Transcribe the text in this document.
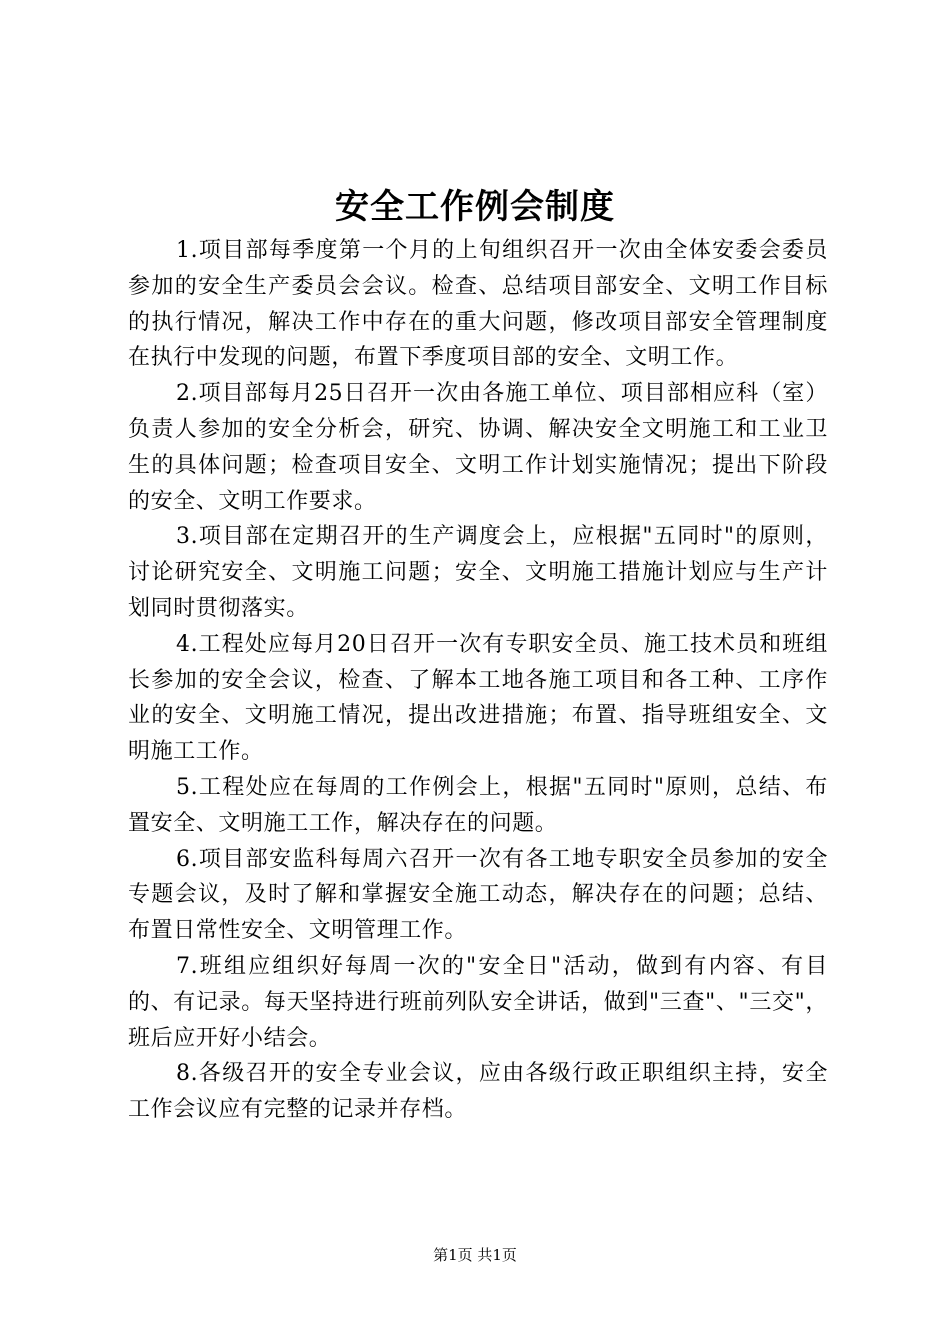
安全工作例会制度

1.项目部每季度第一个月的上旬组织召开一次由全体安委会委员参加的安全生产委员会会议。检查、总结项目部安全、文明工作目标的执行情况，解决工作中存在的重大问题，修改项目部安全管理制度在执行中发现的问题，布置下季度项目部的安全、文明工作。

2.项目部每月25日召开一次由各施工单位、项目部相应科（室）负责人参加的安全分析会，研究、协调、解决安全文明施工和工业卫生的具体问题；检查项目安全、文明工作计划实施情况；提出下阶段的安全、文明工作要求。

3.项目部在定期召开的生产调度会上，应根据"五同时"的原则，讨论研究安全、文明施工问题；安全、文明施工措施计划应与生产计划同时贯彻落实。

4.工程处应每月20日召开一次有专职安全员、施工技术员和班组长参加的安全会议，检查、了解本工地各施工项目和各工种、工序作业的安全、文明施工情况，提出改进措施；布置、指导班组安全、文明施工工作。

5.工程处应在每周的工作例会上，根据"五同时"原则，总结、布置安全、文明施工工作，解决存在的问题。

6.项目部安监科每周六召开一次有各工地专职安全员参加的安全专题会议，及时了解和掌握安全施工动态，解决存在的问题；总结、布置日常性安全、文明管理工作。

7.班组应组织好每周一次的"安全日"活动，做到有内容、有目的、有记录。每天坚持进行班前列队安全讲话，做到"三查"、"三交"，班后应开好小结会。

8.各级召开的安全专业会议，应由各级行政正职组织主持，安全工作会议应有完整的记录并存档。

第1页 共1页
